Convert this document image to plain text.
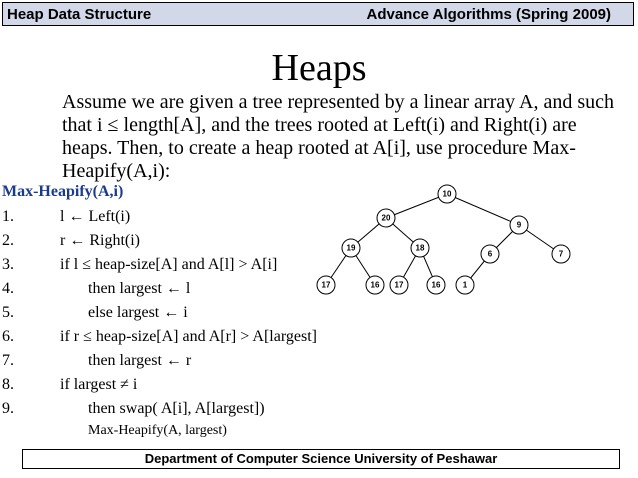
Heap Data Structure	Advance Algorithms (Spring 2009)
Heaps
Assume we are given a tree represented by a linear array A, and such that i ≤ length[A], and the trees rooted at Left(i) and Right(i) are heaps. Then, to create a heap rooted at A[i], use procedure Max-Heapify(A,i):
Max-Heapify(A,i)
1.	l ← Left(i)
2.	r ← Right(i)
3.	if l ≤ heap-size[A] and A[l] > A[i]
4.	then largest ← l
5.	else largest ← i
6.	if r ≤ heap-size[A] and A[r] > A[largest]
7.	then largest ← r
8.	if largest ≠ i
9.	then swap( A[i], A[largest])
Max-Heapify(A, largest)
10
20
9
19	18
6	7
17	16 17	16	1
Department of Computer Science University of Peshawar
